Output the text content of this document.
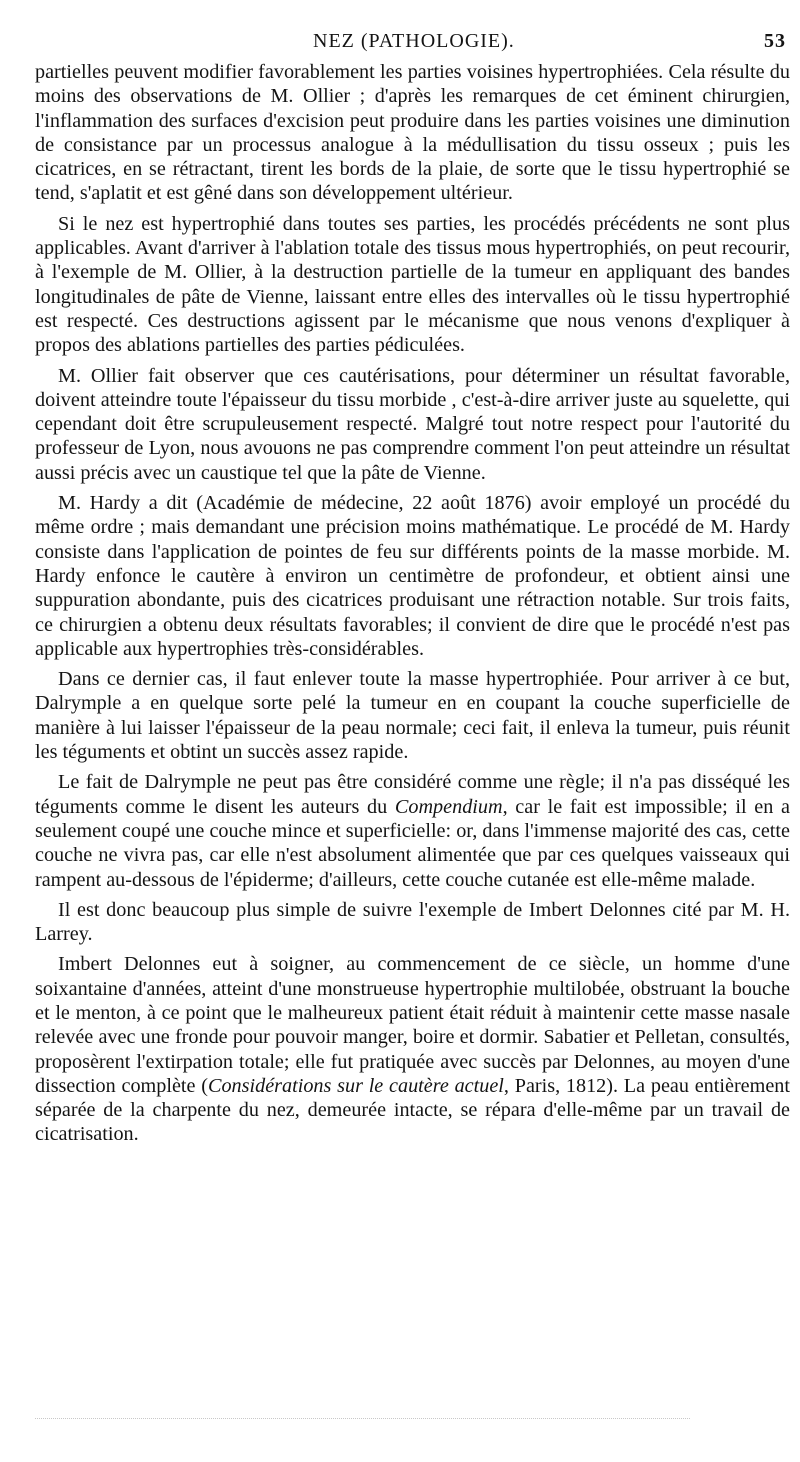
NEZ (PATHOLOGIE).	53

partielles peuvent modifier favorablement les parties voisines hypertrophiées. Cela résulte du moins des observations de M. Ollier ; d'après les remarques de cet éminent chirurgien, l'inflammation des surfaces d'excision peut produire dans les parties voisines une diminution de consistance par un processus analogue à la médullisation du tissu osseux ; puis les cicatrices, en se rétractant, tirent les bords de la plaie, de sorte que le tissu hypertrophié se tend, s'aplatit et est gêné dans son développement ultérieur.

Si le nez est hypertrophié dans toutes ses parties, les procédés précédents ne sont plus applicables. Avant d'arriver à l'ablation totale des tissus mous hypertrophiés, on peut recourir, à l'exemple de M. Ollier, à la destruction partielle de la tumeur en appliquant des bandes longitudinales de pâte de Vienne, laissant entre elles des intervalles où le tissu hypertrophié est respecté. Ces destructions agissent par le mécanisme que nous venons d'expliquer à propos des ablations partielles des parties pédiculées.

M. Ollier fait observer que ces cautérisations, pour déterminer un résultat favorable, doivent atteindre toute l'épaisseur du tissu morbide , c'est-à-dire arriver juste au squelette, qui cependant doit être scrupuleusement respecté. Malgré tout notre respect pour l'autorité du professeur de Lyon, nous avouons ne pas comprendre comment l'on peut atteindre un résultat aussi précis avec un caustique tel que la pâte de Vienne.

M. Hardy a dit (Académie de médecine, 22 août 1876) avoir employé un procédé du même ordre ; mais demandant une précision moins mathématique. Le procédé de M. Hardy consiste dans l'application de pointes de feu sur différents points de la masse morbide. M. Hardy enfonce le cautère à environ un centimètre de profondeur, et obtient ainsi une suppuration abondante, puis des cicatrices produisant une rétraction notable. Sur trois faits, ce chirurgien a obtenu deux résultats favorables; il convient de dire que le procédé n'est pas applicable aux hypertrophies très-considérables.

Dans ce dernier cas, il faut enlever toute la masse hypertrophiée. Pour arriver à ce but, Dalrymple a en quelque sorte pelé la tumeur en en coupant la couche superficielle de manière à lui laisser l'épaisseur de la peau normale; ceci fait, il enleva la tumeur, puis réunit les téguments et obtint un succès assez rapide.

Le fait de Dalrymple ne peut pas être considéré comme une règle; il n'a pas disséqué les téguments comme le disent les auteurs du Compendium, car le fait est impossible; il en a seulement coupé une couche mince et superficielle: or, dans l'immense majorité des cas, cette couche ne vivra pas, car elle n'est absolument alimentée que par ces quelques vaisseaux qui rampent au-dessous de l'épiderme; d'ailleurs, cette couche cutanée est elle-même malade.

Il est donc beaucoup plus simple de suivre l'exemple de Imbert Delonnes cité par M. H. Larrey.

Imbert Delonnes eut à soigner, au commencement de ce siècle, un homme d'une soixantaine d'années, atteint d'une monstrueuse hypertrophie multilobée, obstruant la bouche et le menton, à ce point que le malheureux patient était réduit à maintenir cette masse nasale relevée avec une fronde pour pouvoir manger, boire et dormir. Sabatier et Pelletan, consultés, proposèrent l'extirpation totale; elle fut pratiquée avec succès par Delonnes, au moyen d'une dissection complète (Considérations sur le cautère actuel, Paris, 1812). La peau entièrement séparée de la charpente du nez, demeurée intacte, se répara d'elle-même par un travail de cicatrisation.
